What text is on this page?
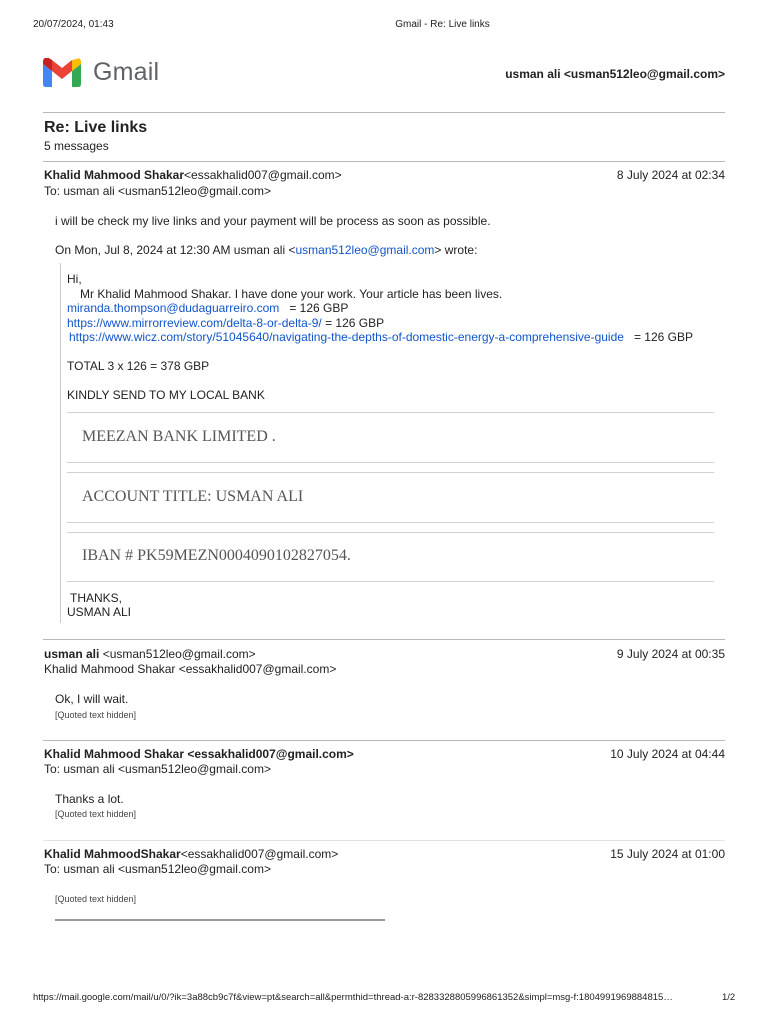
20/07/2024, 01:43	Gmail - Re: Live links
Gmail	usman ali <usman512leo@gmail.com>
Re: Live links
5 messages
Khalid Mahmood Shakar<essakhalid007@gmail.com>	8 July 2024 at 02:34
To: usman ali <usman512leo@gmail.com>
i will be check my live links and your payment will be process as soon as possible.
On Mon, Jul 8, 2024 at 12:30 AM usman ali <usman512leo@gmail.com> wrote:
Hi,
Mr Khalid Mahmood Shakar. I have done your work. Your article has been lives.
miranda.thompson@dudaguarreiro.com = 126 GBP
https://www.mirrorreview.com/delta-8-or-delta-9/ = 126 GBP
https://www.wicz.com/story/51045640/navigating-the-depths-of-domestic-energy-a-comprehensive-guide = 126 GBP
TOTAL 3 x 126 = 378 GBP
KINDLY SEND TO MY LOCAL BANK
MEEZAN BANK LIMITED .
ACCOUNT TITLE: USMAN ALI
IBAN # PK59MEZN0004090102827054.
THANKS,
USMAN ALI
usman ali <usman512leo@gmail.com>	9 July 2024 at 00:35
Khalid Mahmood Shakar <essakhalid007@gmail.com>
Ok, I will wait.
[Quoted text hidden]
Khalid Mahmood Shakar <essakhalid007@gmail.com>	10 July 2024 at 04:44
To: usman ali <usman512leo@gmail.com>
Thanks a lot.
[Quoted text hidden]
Khalid MahmoodShakar<essakhalid007@gmail.com>	15 July 2024 at 01:00
To: usman ali <usman512leo@gmail.com>
[Quoted text hidden]
https://mail.google.com/mail/u/0/?ik=3a88cb9c7f&view=pt&search=all&permthid=thread-a:r-8283328805996861352&simpl=msg-f:1804991969884815…	1/2
